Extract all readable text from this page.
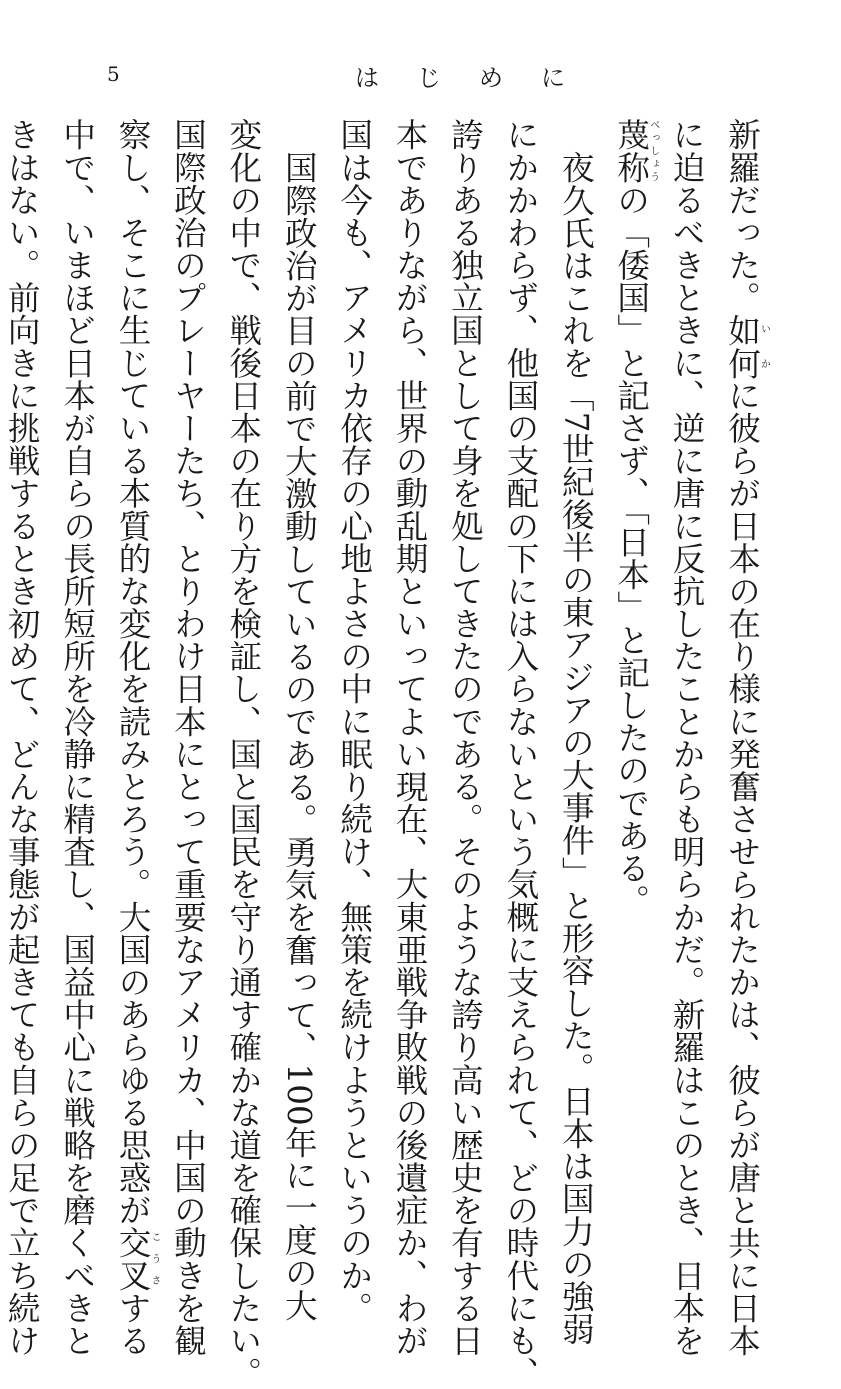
5	はじめに
新羅だった。如何いかに彼らが日本の在り様に発奮させられたかは、彼らが唐と共に日本
に迫るべきときに、逆に唐に反抗したことからも明らかだ。新羅はこのとき、日本を
蔑称べっしょうの「倭国」と記さず、「日本」と記したのである。
夜久氏はこれを「7世紀後半の東アジアの大事件」と形容した。日本は国力の強弱
にかかわらず、他国の支配の下には入らないという気概に支えられて、どの時代にも、
誇りある独立国として身を処してきたのである。そのような誇り高い歴史を有する日
本でありながら、世界の動乱期といってよい現在、大東亜戦争敗戦の後遺症か、わが
国は今も、アメリカ依存の心地よさの中に眠り続け、無策を続けようというのか。
国際政治が目の前で大激動しているのである。勇気を奮って、100年に一度の大
変化の中で、戦後日本の在り方を検証し、国と国民を守り通す確かな道を確保したい。
国際政治のプレーヤーたち、とりわけ日本にとって重要なアメリカ、中国の動きを観
察し、そこに生じている本質的な変化を読みとろう。大国のあらゆる思惑が交叉こうさする
中で、いまほど日本が自らの長所短所を冷静に精査し、国益中心に戦略を磨くべきと
きはない。前向きに挑戦するとき初めて、どんな事態が起きても自らの足で立ち続け
